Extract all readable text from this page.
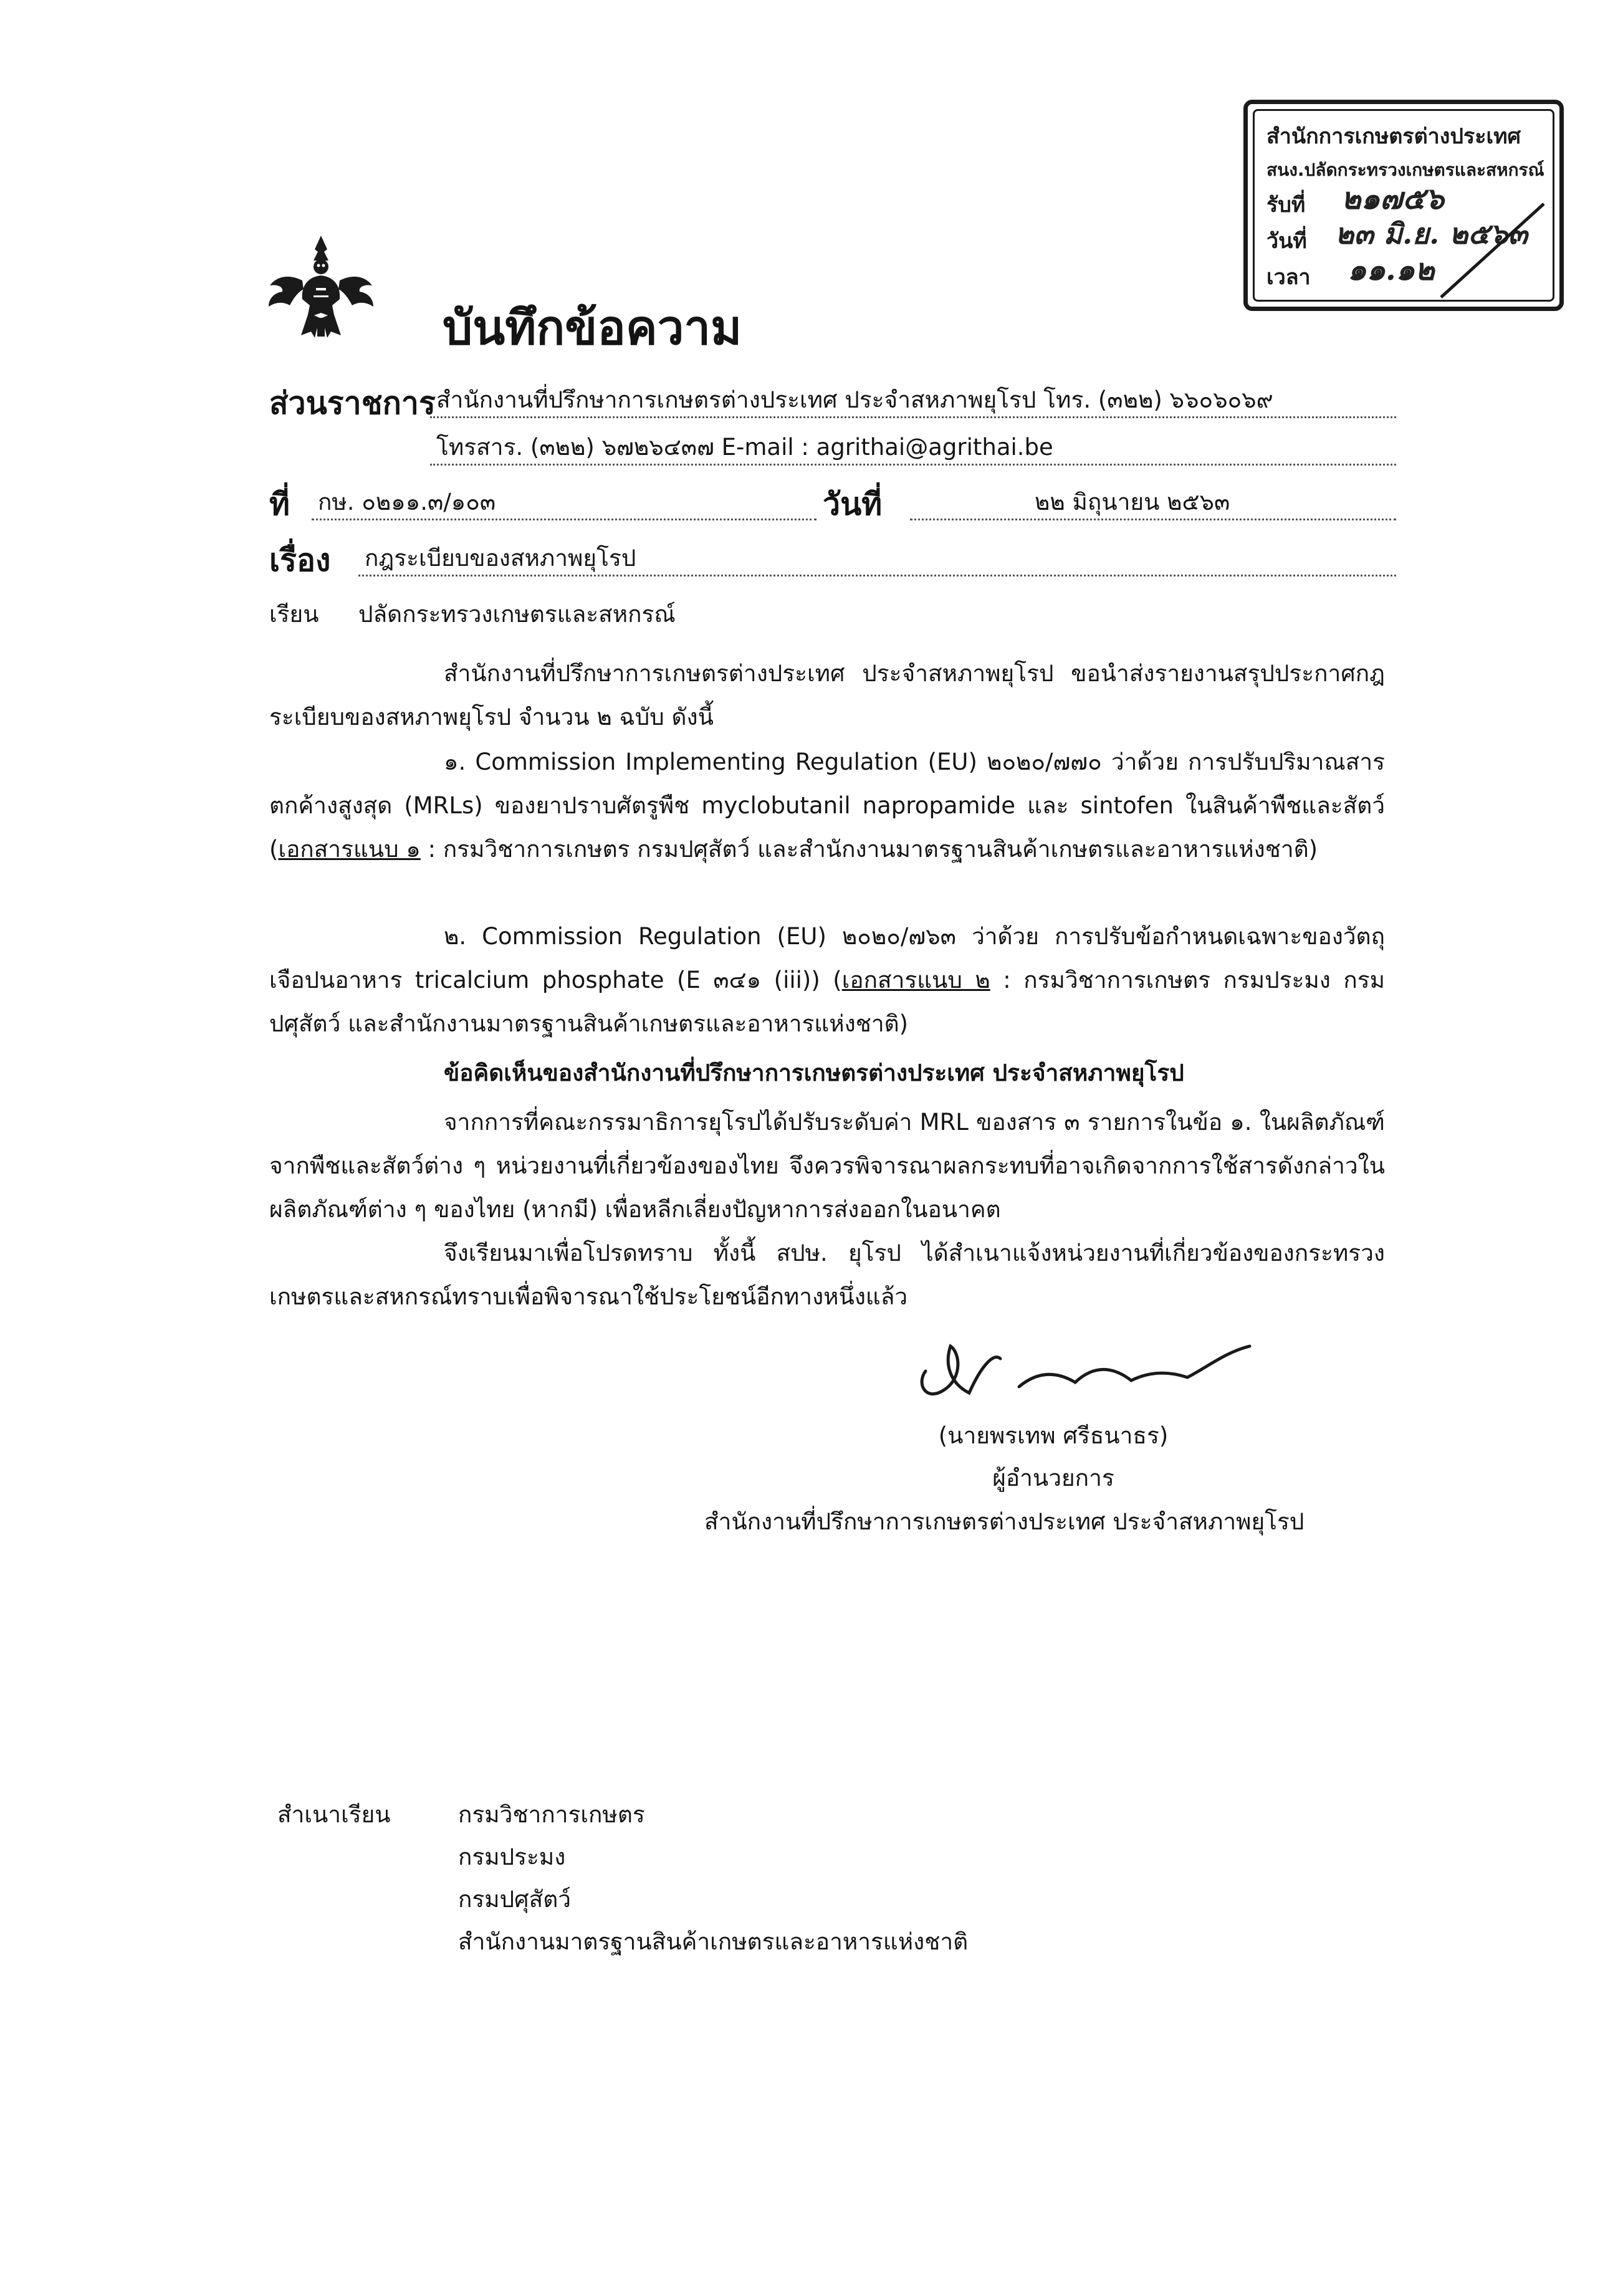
สำนักการเกษตรต่างประเทศ
สนง.ปลัดกระทรวงเกษตรและสหกรณ์
รับที่ ๒๑๗๕๖
วันที่ ๒๓ มิ.ย. ๒๕๖๓
เวลา ๑๑.๑๒
บันทึกข้อความ
ส่วนราชการ สำนักงานที่ปรึกษาการเกษตรต่างประเทศ ประจำสหภาพยุโรป โทร. (๓๒๒) ๖๖๐๖๐๖๙
โทรสาร. (๓๒๒) ๖๗๒๖๔๓๗ E-mail : agrithai@agrithai.be
ที่ กษ. ๐๒๑๑.๓/๑๐๓	วันที่	๒๒ มิถุนายน ๒๕๖๓
เรื่อง กฎระเบียบของสหภาพยุโรป
เรียน ปลัดกระทรวงเกษตรและสหกรณ์
สำนักงานที่ปรึกษาการเกษตรต่างประเทศ ประจำสหภาพยุโรป ขอนำส่งรายงานสรุปประกาศกฎระเบียบของสหภาพยุโรป จำนวน ๒ ฉบับ ดังนี้
๑. Commission Implementing Regulation (EU) ๒๐๒๐/๗๗๐ ว่าด้วย การปรับปริมาณสารตกค้างสูงสุด (MRLs) ของยาปราบศัตรูพืช myclobutanil napropamide และ sintofen ในสินค้าพืชและสัตว์ (เอกสารแนบ ๑ : กรมวิชาการเกษตร กรมปศุสัตว์ และสำนักงานมาตรฐานสินค้าเกษตรและอาหารแห่งชาติ)
๒. Commission Regulation (EU) ๒๐๒๐/๗๖๓ ว่าด้วย การปรับข้อกำหนดเฉพาะของวัตถุเจือปนอาหาร tricalcium phosphate (E ๓๔๑ (iii)) (เอกสารแนบ ๒ : กรมวิชาการเกษตร กรมประมง กรมปศุสัตว์ และสำนักงานมาตรฐานสินค้าเกษตรและอาหารแห่งชาติ)
ข้อคิดเห็นของสำนักงานที่ปรึกษาการเกษตรต่างประเทศ ประจำสหภาพยุโรป
จากการที่คณะกรรมาธิการยุโรปได้ปรับระดับค่า MRL ของสาร ๓ รายการในข้อ ๑. ในผลิตภัณฑ์จากพืชและสัตว์ต่าง ๆ หน่วยงานที่เกี่ยวข้องของไทย จึงควรพิจารณาผลกระทบที่อาจเกิดจากการใช้สารดังกล่าวในผลิตภัณฑ์ต่าง ๆ ของไทย (หากมี) เพื่อหลีกเลี่ยงปัญหาการส่งออกในอนาคต
จึงเรียนมาเพื่อโปรดทราบ ทั้งนี้ สปษ. ยุโรป ได้สำเนาแจ้งหน่วยงานที่เกี่ยวข้องของกระทรวงเกษตรและสหกรณ์ทราบเพื่อพิจารณาใช้ประโยชน์อีกทางหนึ่งแล้ว
(นายพรเทพ ศรีธนาธร)
ผู้อำนวยการ
สำนักงานที่ปรึกษาการเกษตรต่างประเทศ ประจำสหภาพยุโรป
สำเนาเรียน	กรมวิชาการเกษตร
กรมประมง
กรมปศุสัตว์
สำนักงานมาตรฐานสินค้าเกษตรและอาหารแห่งชาติ
